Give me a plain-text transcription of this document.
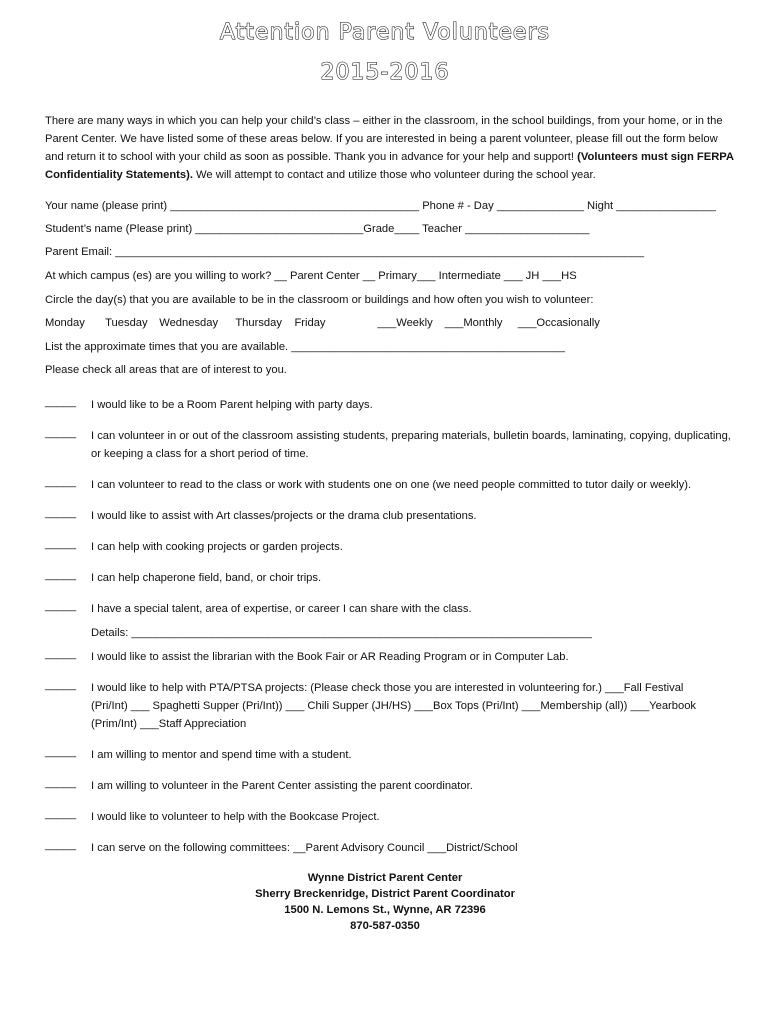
Attention Parent Volunteers
2015-2016
There are many ways in which you can help your child’s class – either in the classroom, in the school buildings, from your home, or in the Parent Center. We have listed some of these areas below. If you are interested in being a parent volunteer, please fill out the form below and return it to school with your child as soon as possible. Thank you in advance for your help and support! (Volunteers must sign FERPA Confidentiality Statements). We will attempt to contact and utilize those who volunteer during the school year.
Your name (please print) ________________________________________ Phone # - Day ______________ Night ________________
Student’s name (Please print) ___________________________Grade____ Teacher ____________________
Parent Email: _____________________________________________________________________________________
At which campus (es) are you willing to work? __ Parent Center __ Primary___ Intermediate ___ JH ___HS
Circle the day(s) that you are available to be in the classroom or buildings and how often you wish to volunteer:
Monday Tuesday Wednesday Thursday Friday	___Weekly ___Monthly ___Occasionally
List the approximate times that you are available. ____________________________________________
Please check all areas that are of interest to you.
_____	I would like to be a Room Parent helping with party days.
_____	I can volunteer in or out of the classroom assisting students, preparing materials, bulletin boards, laminating, copying, duplicating, or keeping a class for a short period of time.
_____	I can volunteer to read to the class or work with students one on one (we need people committed to tutor daily or weekly).
_____	I would like to assist with Art classes/projects or the drama club presentations.
_____	I can help with cooking projects or garden projects.
_____	I can help chaperone field, band, or choir trips.
_____	I have a special talent, area of expertise, or career I can share with the class.
Details: __________________________________________________________________________
_____	I would like to assist the librarian with the Book Fair or AR Reading Program or in Computer Lab.
_____	I would like to help with PTA/PTSA projects: (Please check those you are interested in volunteering for.) ___Fall Festival (Pri/Int) ___ Spaghetti Supper (Pri/Int)) ___ Chili Supper (JH/HS) ___Box Tops (Pri/Int) ___Membership (all)) ___Yearbook (Prim/Int) ___Staff Appreciation
_____	I am willing to mentor and spend time with a student.
_____	I am willing to volunteer in the Parent Center assisting the parent coordinator.
_____	I would like to volunteer to help with the Bookcase Project.
_____	I can serve on the following committees: __Parent Advisory Council ___District/School
Wynne District Parent Center
Sherry Breckenridge, District Parent Coordinator
1500 N. Lemons St., Wynne, AR 72396
870-587-0350
